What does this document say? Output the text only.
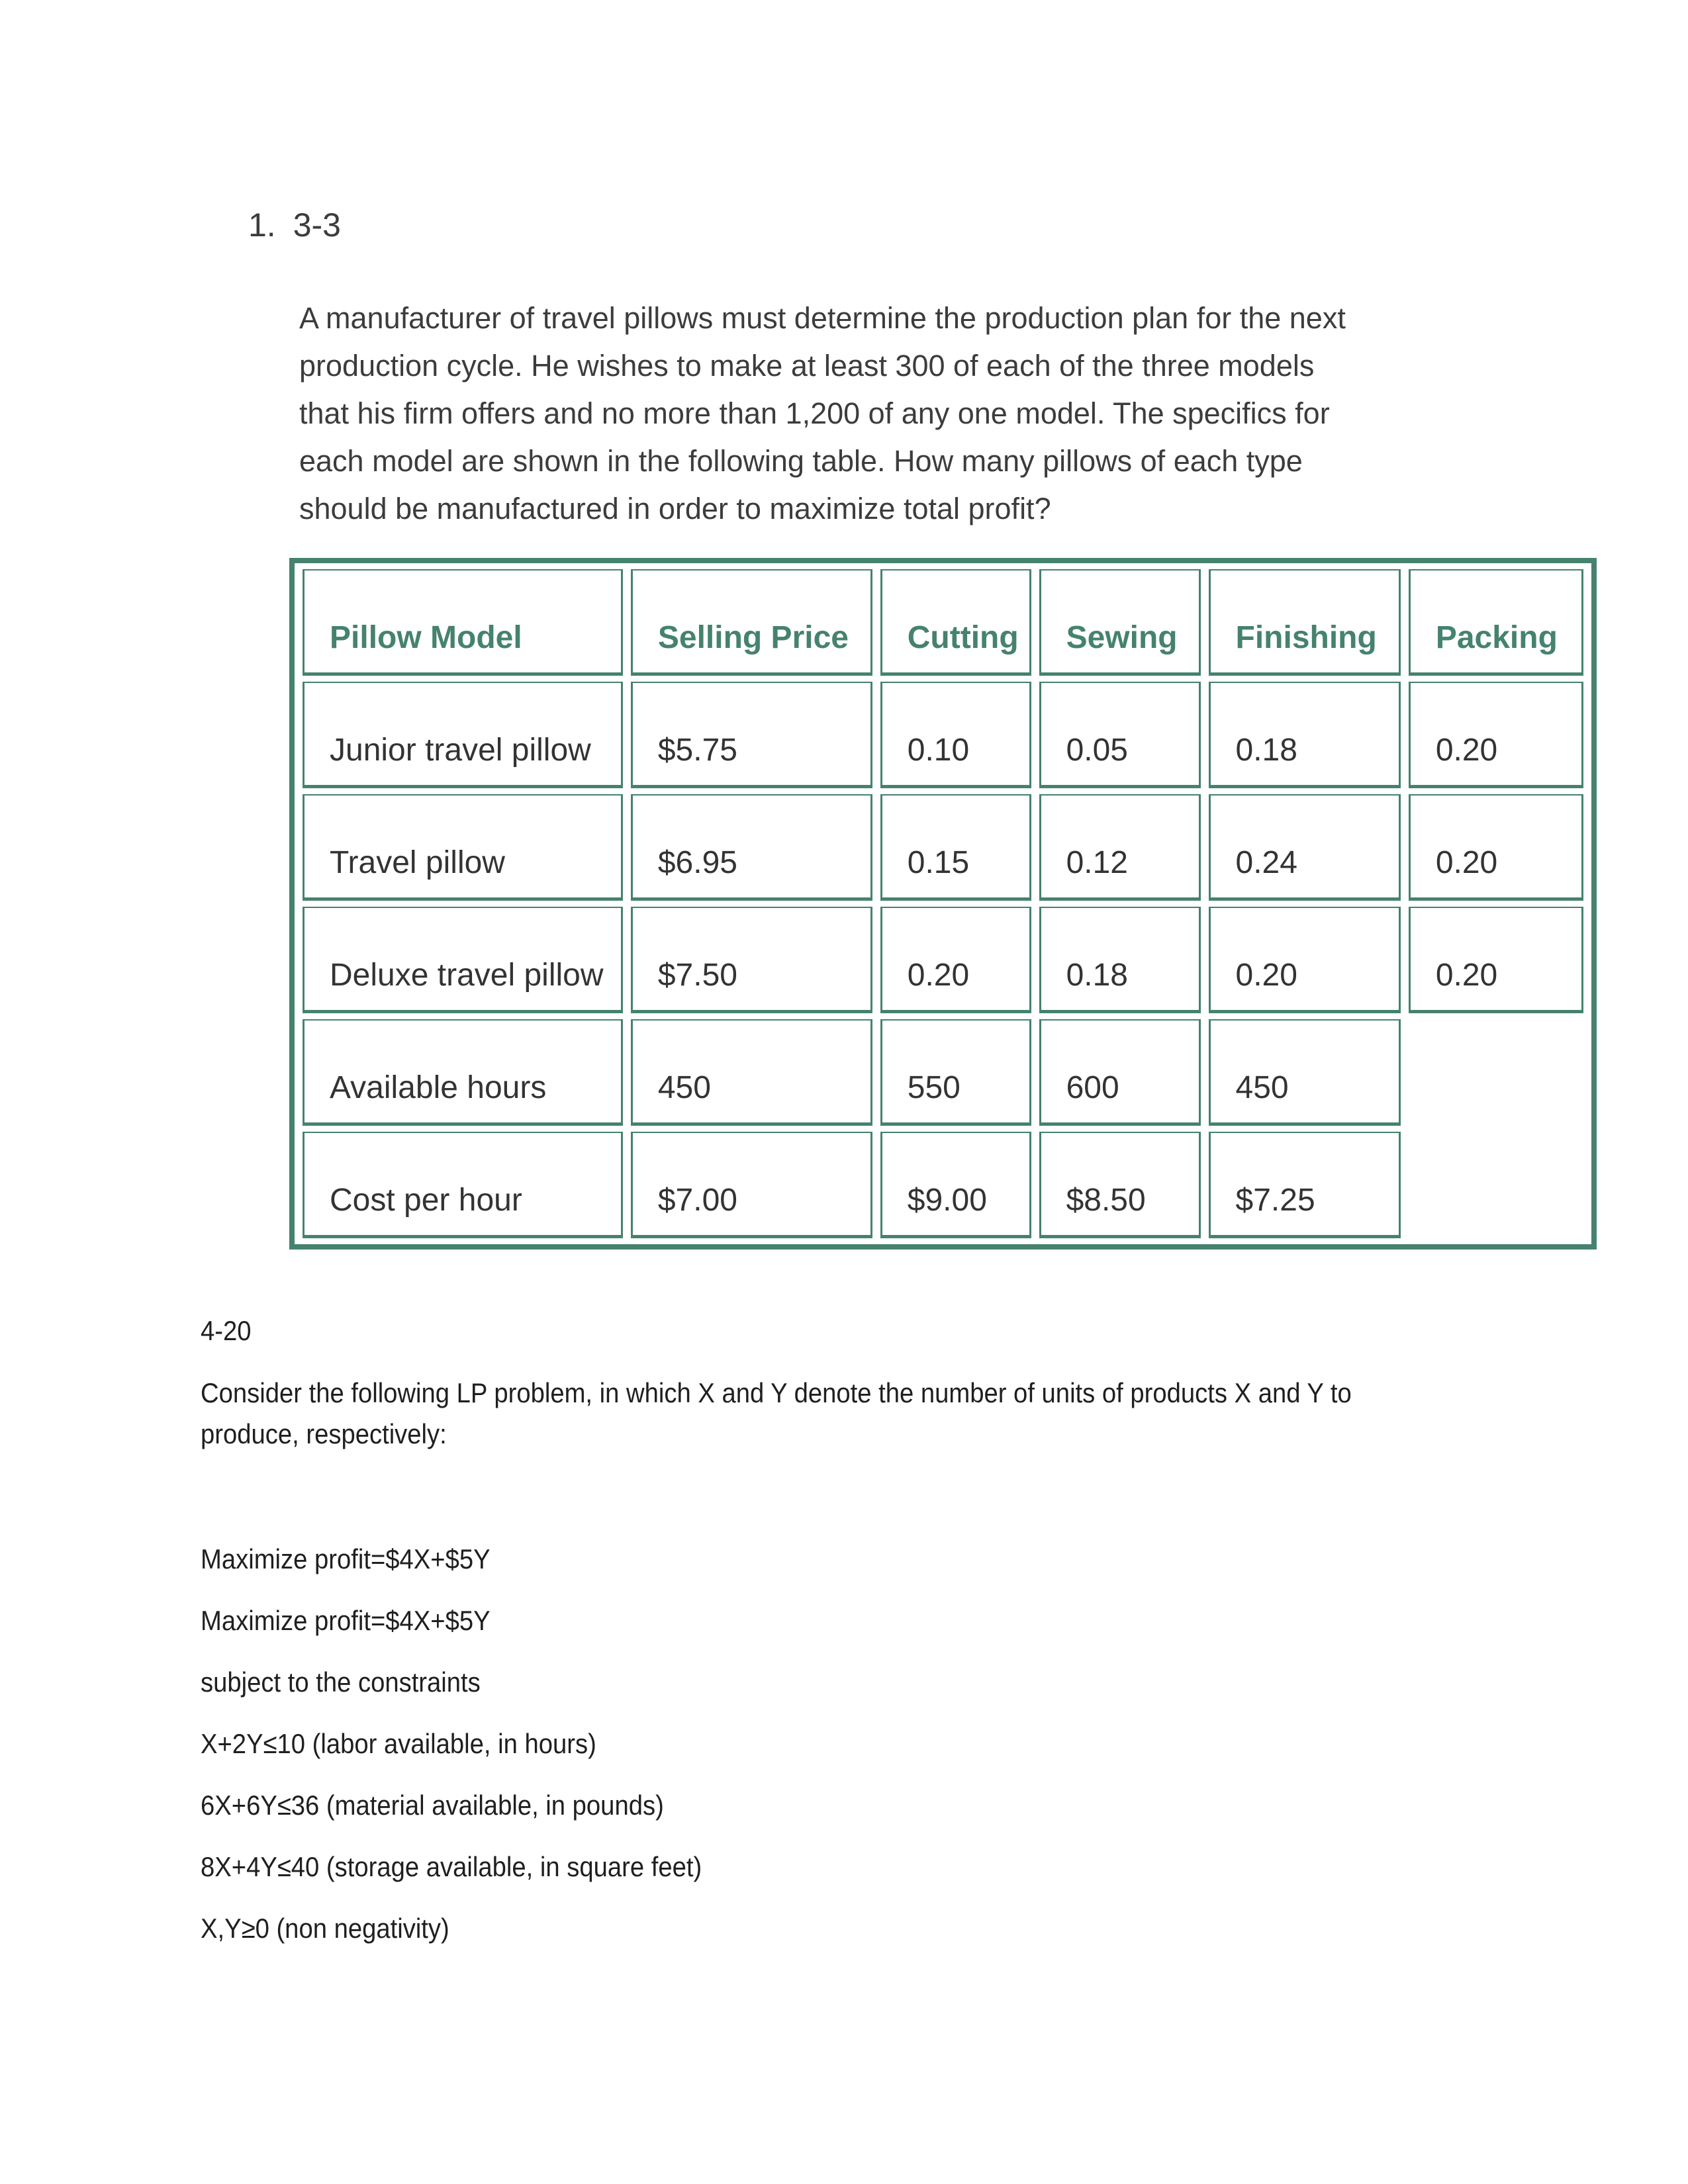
1. 3-3
A manufacturer of travel pillows must determine the production plan for the next
production cycle. He wishes to make at least 300 of each of the three models
that his firm offers and no more than 1,200 of any one model. The specifics for
each model are shown in the following table. How many pillows of each type
should be manufactured in order to maximize total profit?
Pillow Model	Selling Price	Cutting	Sewing	Finishing	Packing
Junior travel pillow	$5.75	0.10	0.05	0.18	0.20
Travel pillow	$6.95	0.15	0.12	0.24	0.20
Deluxe travel pillow	$7.50	0.20	0.18	0.20	0.20
Available hours	450	550	600	450	
Cost per hour	$7.00	$9.00	$8.50	$7.25	
4-20
Consider the following LP problem, in which X and Y denote the number of units of products X and Y to
produce, respectively:
Maximize profit=$4X+$5Y
Maximize profit=$4X+$5Y
subject to the constraints
X+2Y≤10 (labor available, in hours)
6X+6Y≤36 (material available, in pounds)
8X+4Y≤40 (storage available, in square feet)
X,Y≥0 (non negativity)
